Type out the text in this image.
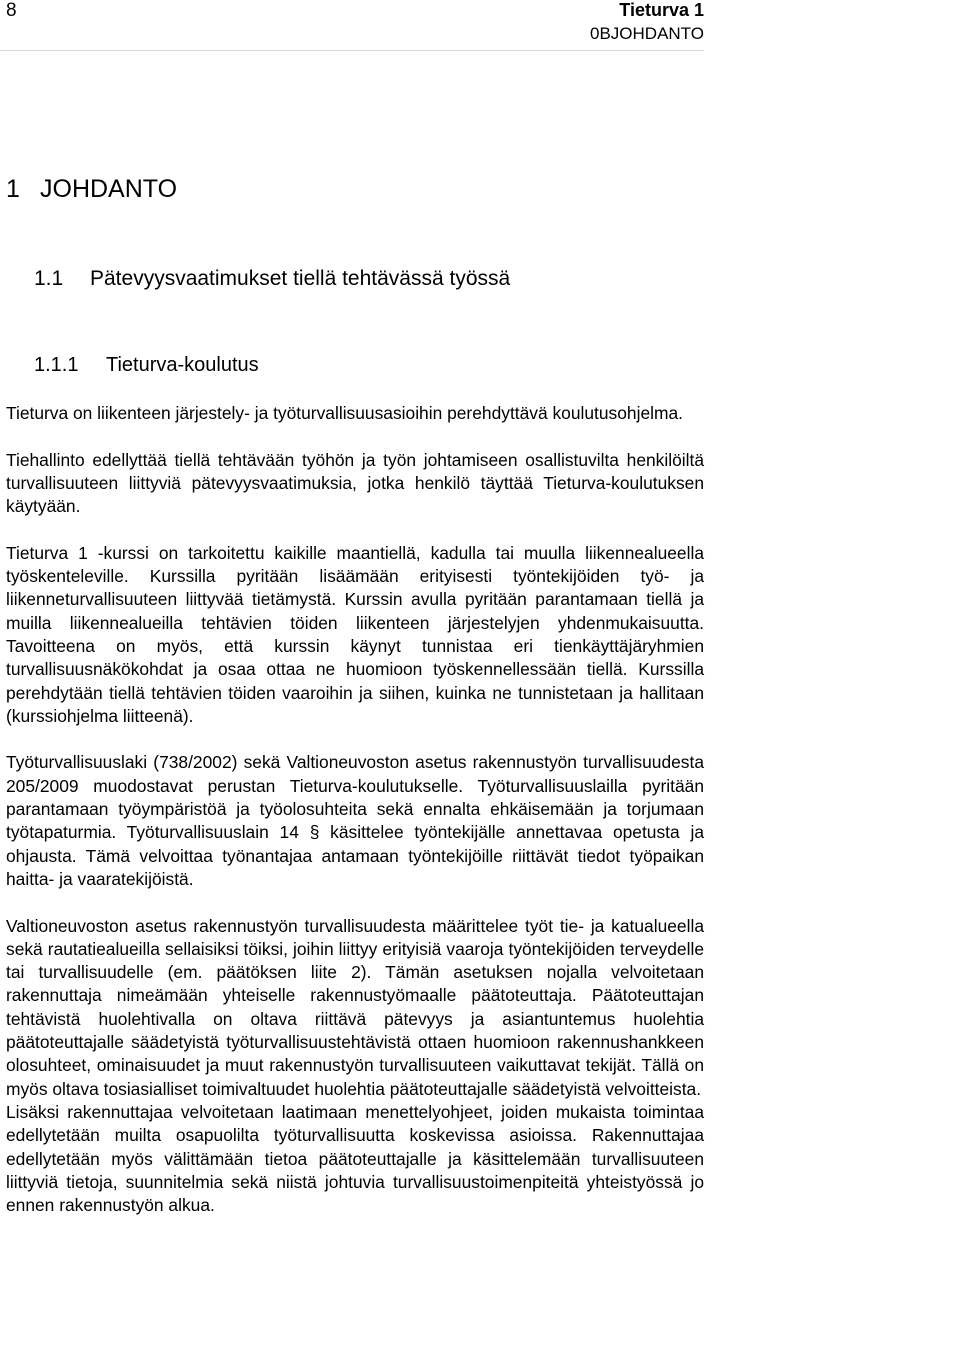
8	Tieturva 1
0BJOHDANTO
1 JOHDANTO
1.1 Pätevyysvaatimukset tiellä tehtävässä työssä
1.1.1 Tieturva-koulutus

Tieturva on liikenteen järjestely- ja työturvallisuusasioihin perehdyttävä koulutusohjelma.

Tiehallinto edellyttää tiellä tehtävään työhön ja työn johtamiseen osallistuvilta henkilöiltä turvallisuuteen liittyviä pätevyysvaatimuksia, jotka henkilö täyttää Tieturva-koulutuksen käytyään.

Tieturva 1 -kurssi on tarkoitettu kaikille maantiellä, kadulla tai muulla liikennealueella työskenteleville. Kurssilla pyritään lisäämään erityisesti työntekijöiden työ- ja liikenneturvallisuuteen liittyvää tietämystä. Kurssin avulla pyritään parantamaan tiellä ja muilla liikennealueilla tehtävien töiden liikenteen järjestelyjen yhdenmukaisuutta. Tavoitteena on myös, että kurssin käynyt tunnistaa eri tienkäyttäjäryhmien turvallisuusnäkökohdat ja osaa ottaa ne huomioon työskennellessään tiellä. Kurssilla perehdytään tiellä tehtävien töiden vaaroihin ja siihen, kuinka ne tunnistetaan ja hallitaan (kurssiohjelma liitteenä).

Työturvallisuuslaki (738/2002) sekä Valtioneuvoston asetus rakennustyön turvallisuudesta 205/2009 muodostavat perustan Tieturva-koulutukselle. Työturvallisuuslailla pyritään parantamaan työympäristöä ja työolosuhteita sekä ennalta ehkäisemään ja torjumaan työtapaturmia. Työturvallisuuslain 14 § käsittelee työntekijälle annettavaa opetusta ja ohjausta. Tämä velvoittaa työnantajaa antamaan työntekijöille riittävät tiedot työpaikan haitta- ja vaaratekijöistä.

Valtioneuvoston asetus rakennustyön turvallisuudesta määrittelee työt tie- ja katualueella sekä rautatiealueilla sellaisiksi töiksi, joihin liittyy erityisiä vaaroja työntekijöiden terveydelle tai turvallisuudelle (em. päätöksen liite 2). Tämän asetuksen nojalla velvoitetaan rakennuttaja nimeämään yhteiselle rakennustyömaalle päätoteuttaja. Päätoteuttajan tehtävistä huolehtivalla on oltava riittävä pätevyys ja asiantuntemus huolehtia päätoteuttajalle säädetyistä työturvallisuustehtävistä ottaen huomioon rakennushankkeen olosuhteet, ominaisuudet ja muut rakennustyön turvallisuuteen vaikuttavat tekijät. Tällä on myös oltava tosiasialliset toimivaltuudet huolehtia päätoteuttajalle säädetyistä velvoitteista.

Lisäksi rakennuttajaa velvoitetaan laatimaan menettelyohjeet, joiden mukaista toimintaa edellytetään muilta osapuolilta työturvallisuutta koskevissa asioissa. Rakennuttajaa edellytetään myös välittämään tietoa päätoteuttajalle ja käsittelemään turvallisuuteen liittyviä tietoja, suunnitelmia sekä niistä johtuvia turvallisuustoimenpiteitä yhteistyössä jo ennen rakennustyön alkua.
